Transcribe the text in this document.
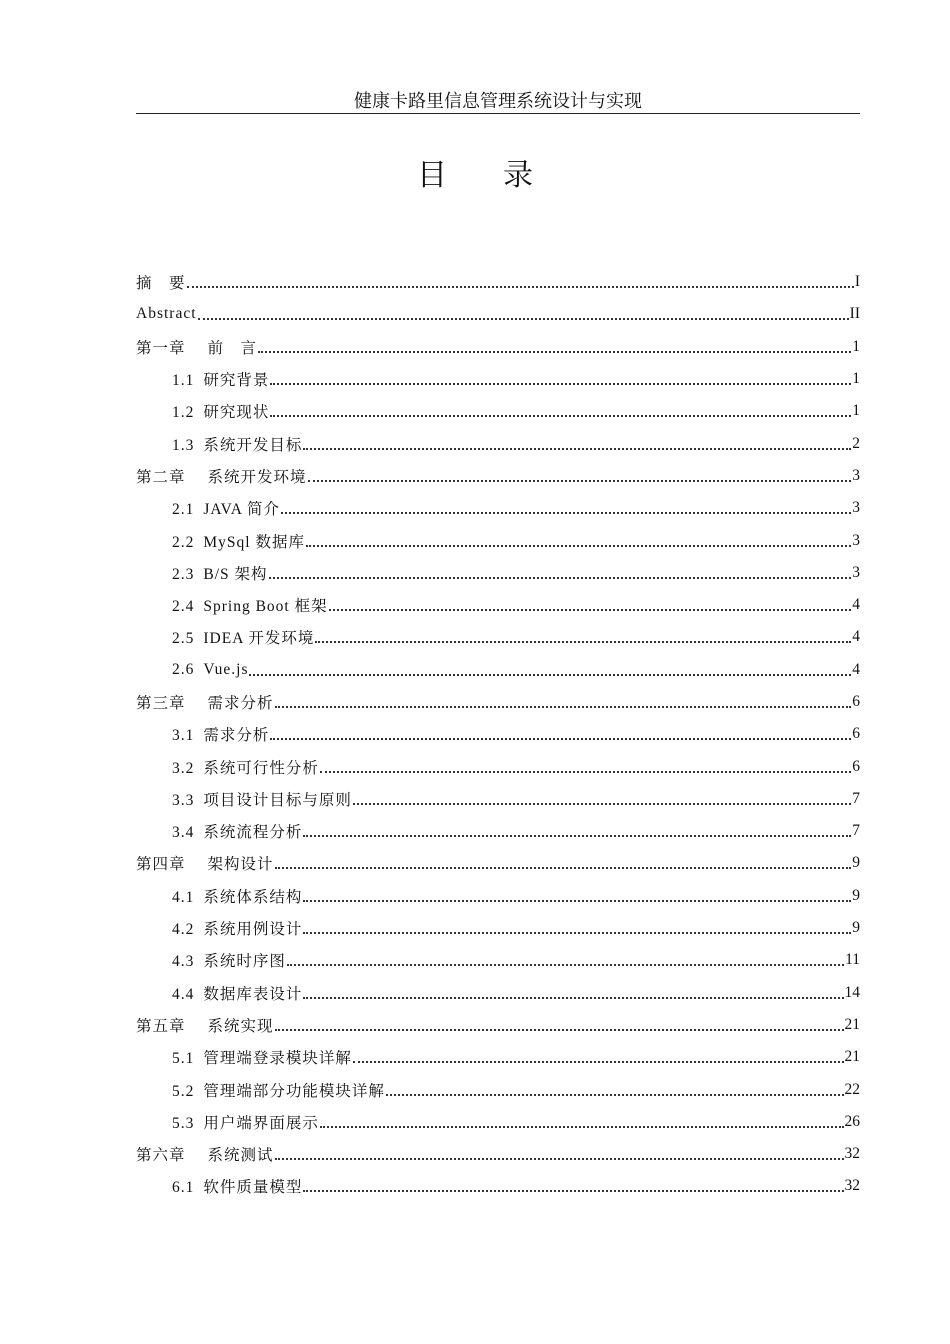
健康卡路里信息管理系统设计与实现
目录
摘　要	I
Abstract	II
第一章 前　言	1
1.1 研究背景	1
1.2 研究现状	1
1.3 系统开发目标	2
第二章 系统开发环境	3
2.1 JAVA 简介	3
2.2 MySql 数据库	3
2.3 B/S 架构	3
2.4 Spring Boot 框架	4
2.5 IDEA 开发环境	4
2.6 Vue.js	4
第三章 需求分析	6
3.1 需求分析	6
3.2 系统可行性分析	6
3.3 项目设计目标与原则	7
3.4 系统流程分析	7
第四章 架构设计	9
4.1 系统体系结构	9
4.2 系统用例设计	9
4.3 系统时序图	11
4.4 数据库表设计	14
第五章 系统实现	21
5.1 管理端登录模块详解	21
5.2 管理端部分功能模块详解	22
5.3 用户端界面展示	26
第六章 系统测试	32
6.1 软件质量模型	32
